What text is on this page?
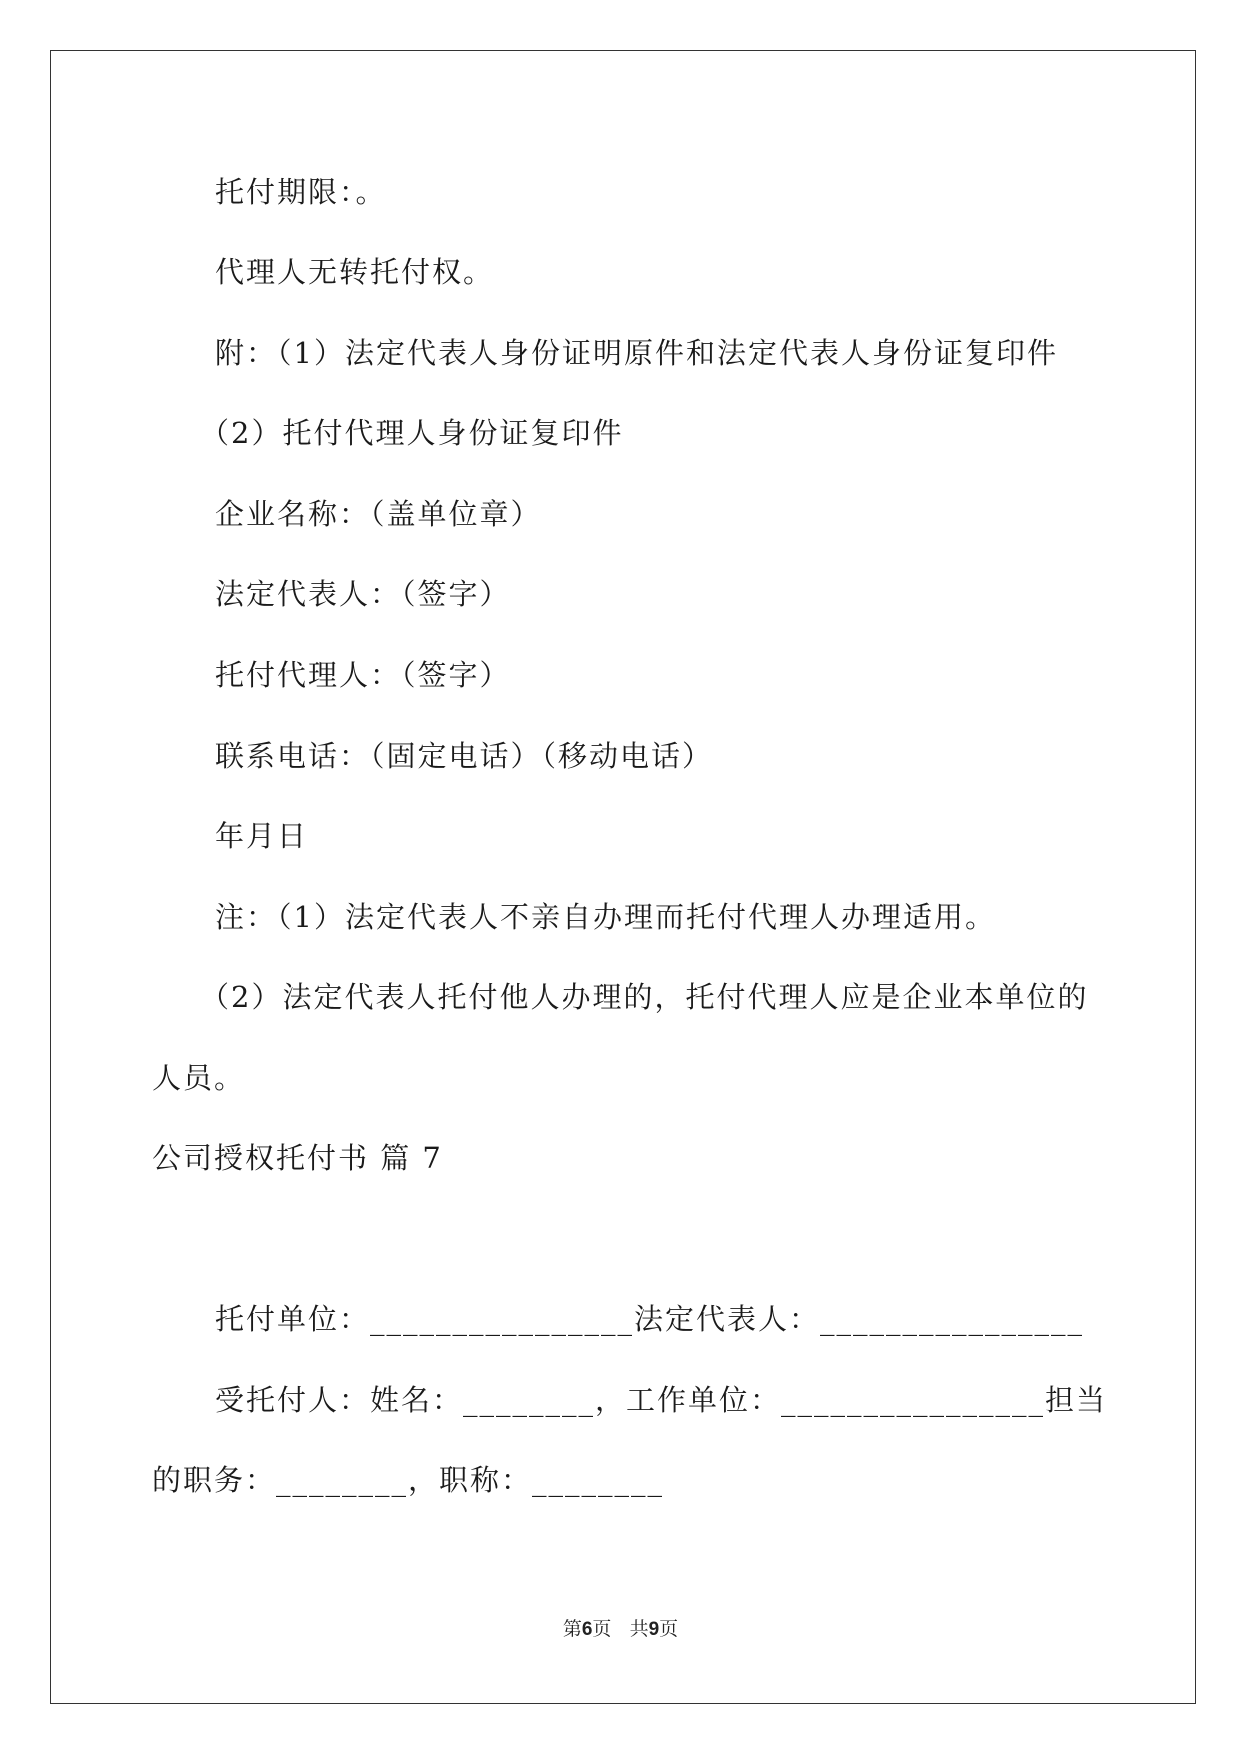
托付期限：。
代理人无转托付权。
附：（1）法定代表人身份证明原件和法定代表人身份证复印件
（2）托付代理人身份证复印件
企业名称：（盖单位章）
法定代表人：（签字）
托付代理人：（签字）
联系电话：（固定电话）（移动电话）
年月日
注：（1）法定代表人不亲自办理而托付代理人办理适用。
（2）法定代表人托付他人办理的，托付代理人应是企业本单位的
人员。
公司授权托付书 篇 7
托付单位：________________法定代表人：________________
受托付人：姓名：________，工作单位：________________担当
的职务：________，职称：________
第6页 共9页
